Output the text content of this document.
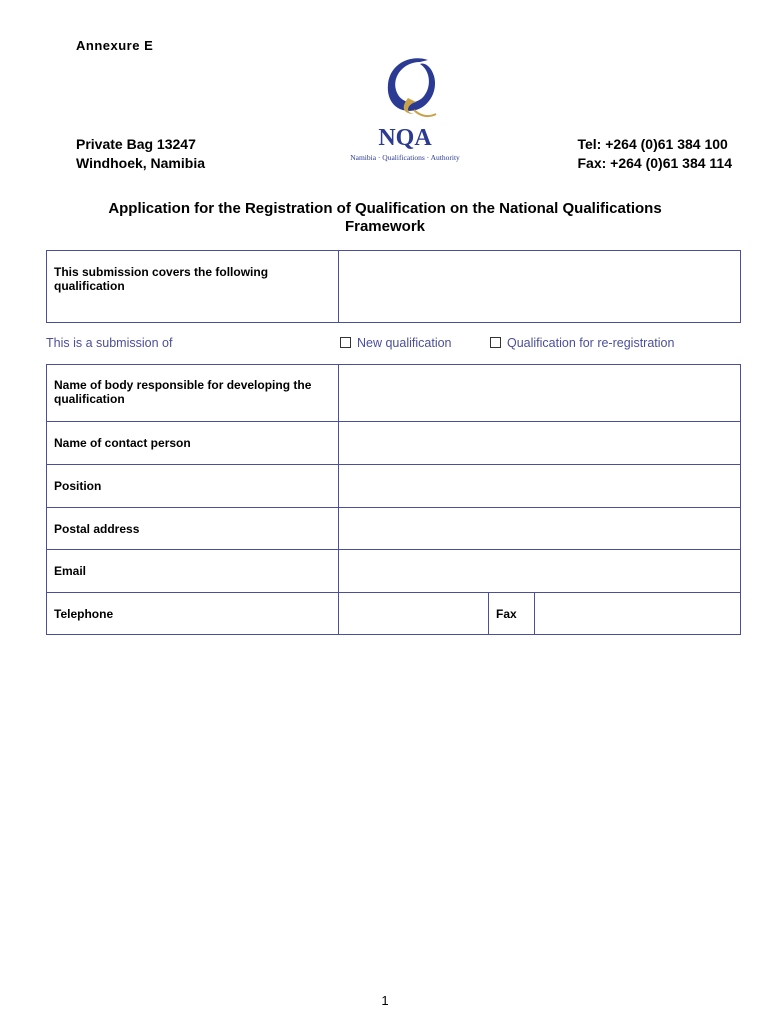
Annexure E
Private Bag 13247
Windhoek, Namibia
NQA
Namibia · Qualifications · Authority
Tel: +264 (0)61 384 100
Fax: +264 (0)61 384 114
Application for the Registration of Qualification on the National Qualifications
Framework
This submission covers the following qualification	
This is a submission of	New qualification	Qualification for re-registration
Name of body responsible for developing the qualification	
Name of contact person	
Position	
Postal address	
Email	
Telephone		Fax	
1
